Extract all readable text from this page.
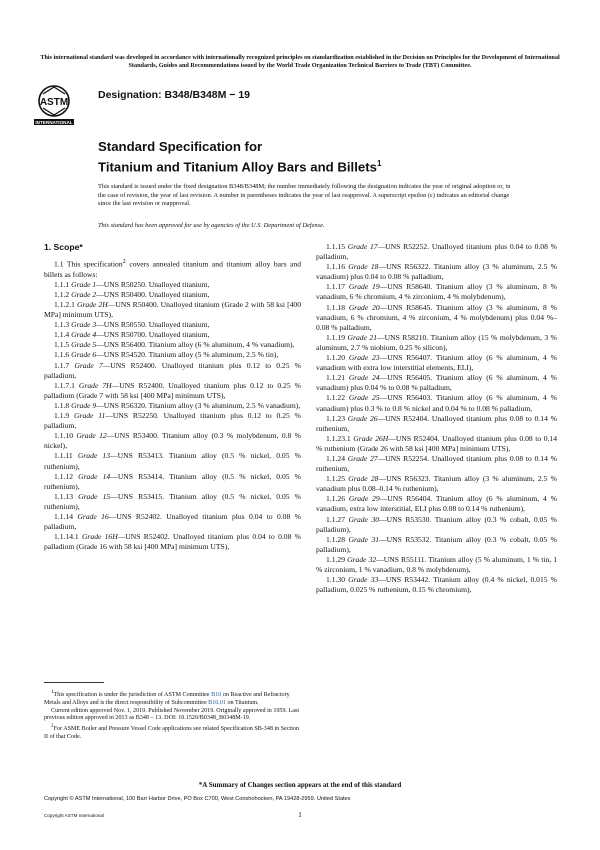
This international standard was developed in accordance with internationally recognized principles on standardization established in the Decision on Principles for the Development of International Standards, Guides and Recommendations issued by the World Trade Organization Technical Barriers to Trade (TBT) Committee.
ASTM
INTERNATIONAL
Designation: B348/B348M − 19
Standard Specification for
Titanium and Titanium Alloy Bars and Billets$^1$
This standard is issued under the fixed designation B348/B348M; the number immediately following the designation indicates the year of original adoption or, in the case of revision, the year of last revision. A number in parentheses indicates the year of last reapproval. A superscript epsilon (ε) indicates an editorial change since the last revision or reapproval.
This standard has been approved for use by agencies of the U.S. Department of Defense.

1. Scope*

1.1 This specification$^2$ covers annealed titanium and titanium alloy bars and billets as follows:

1.1.1 Grade 1—UNS R50250. Unalloyed titanium,

1.1.2 Grade 2—UNS R50400. Unalloyed titanium,

1.1.2.1 Grade 2H—UNS R50400. Unalloyed titanium (Grade 2 with 58 ksi [400 MPa] minimum UTS),

1.1.3 Grade 3—UNS R50550. Unalloyed titanium,

1.1.4 Grade 4—UNS R50700. Unalloyed titanium,

1.1.5 Grade 5—UNS R56400. Titanium alloy (6 % aluminum, 4 % vanadium),

1.1.6 Grade 6—UNS R54520. Titanium alloy (5 % aluminum, 2.5 % tin),

1.1.7 Grade 7—UNS R52400. Unalloyed titanium plus 0.12 to 0.25 % palladium,

1.1.7.1 Grade 7H—UNS R52400. Unalloyed titanium plus 0.12 to 0.25 % palladium (Grade 7 with 58 ksi [400 MPa] minimum UTS),

1.1.8 Grade 9—UNS R56320. Titanium alloy (3 % aluminum, 2.5 % vanadium),

1.1.9 Grade 11—UNS R52250. Unalloyed titanium plus 0.12 to 0.25 % palladium,

1.1.10 Grade 12—UNS R53400. Titanium alloy (0.3 % molybdenum, 0.8 % nickel),

1.1.11 Grade 13—UNS R53413. Titanium alloy (0.5 % nickel, 0.05 % ruthenium),

1.1.12 Grade 14—UNS R53414. Titanium alloy (0.5 % nickel, 0.05 % ruthenium),

1.1.13 Grade 15—UNS R53415. Titanium alloy (0.5 % nickel, 0.05 % ruthenium),

1.1.14 Grade 16—UNS R52402. Unalloyed titanium plus 0.04 to 0.08 % palladium,

1.1.14.1 Grade 16H—UNS R52402. Unalloyed titanium plus 0.04 to 0.08 % palladium (Grade 16 with 58 ksi [400 MPa] minimum UTS),

1.1.15 Grade 17—UNS R52252. Unalloyed titanium plus 0.04 to 0.08 % palladium,

1.1.16 Grade 18—UNS R56322. Titanium alloy (3 % aluminum, 2.5 % vanadium) plus 0.04 to 0.08 % palladium,

1.1.17 Grade 19—UNS R58640. Titanium alloy (3 % aluminum, 8 % vanadium, 6 % chromium, 4 % zirconium, 4 % molybdenum),

1.1.18 Grade 20—UNS R58645. Titanium alloy (3 % aluminum, 8 % vanadium, 6 % chromium, 4 % zirconium, 4 % molybdenum) plus 0.04 %–0.08 % palladium,

1.1.19 Grade 21—UNS R58210. Titanium alloy (15 % molybdenum, 3 % aluminum, 2.7 % niobium, 0.25 % silicon),

1.1.20 Grade 23—UNS R56407. Titanium alloy (6 % aluminum, 4 % vanadium with extra low interstitial elements, ELI),

1.1.21 Grade 24—UNS R56405. Titanium alloy (6 % aluminum, 4 % vanadium) plus 0.04 % to 0.08 % palladium,

1.1.22 Grade 25—UNS R56403. Titanium alloy (6 % aluminum, 4 % vanadium) plus 0.3 % to 0.8 % nickel and 0.04 % to 0.08 % palladium,

1.1.23 Grade 26—UNS R52404. Unalloyed titanium plus 0.08 to 0.14 % ruthenium,

1.1.23.1 Grade 26H—UNS R52404. Unalloyed titanium plus 0.08 to 0.14 % ruthenium (Grade 26 with 58 ksi [400 MPa] minimum UTS),

1.1.24 Grade 27—UNS R52254. Unalloyed titanium plus 0.08 to 0.14 % ruthenium,

1.1.25 Grade 28—UNS R56323. Titanium alloy (3 % aluminum, 2.5 % vanadium plus 0.08–0.14 % ruthenium),

1.1.26 Grade 29—UNS R56404. Titanium alloy (6 % aluminum, 4 % vanadium, extra low interstitial, ELI plus 0.08 to 0.14 % ruthenium),

1.1.27 Grade 30—UNS R53530. Titanium alloy (0.3 % cobalt, 0.05 % palladium),

1.1.28 Grade 31—UNS R53532. Titanium alloy (0.3 % cobalt, 0.05 % palladium),

1.1.29 Grade 32—UNS R55111. Titanium alloy (5 % aluminum, 1 % tin, 1 % zirconium, 1 % vanadium, 0.8 % molybdenum),

1.1.30 Grade 33—UNS R53442. Titanium alloy (0.4 % nickel, 0.015 % palladium, 0.025 % ruthenium, 0.15 % chromium),

$^1$This specification is under the jurisdiction of ASTM Committee B10 on Reactive and Refractory Metals and Alloys and is the direct responsibility of Subcommittee B10.01 on Titanium.

Current edition approved Nov. 1, 2019. Published November 2019. Originally approved in 1959. Last previous edition approved in 2013 as B348 – 13. DOI: 10.1520/B0348_B0348M-19.

$^2$For ASME Boiler and Pressure Vessel Code applications see related Specification SB-348 in Section II of that Code.

*A Summary of Changes section appears at the end of this standard
Copyright © ASTM International, 100 Barr Harbor Drive, PO Box C700, West Conshohocken, PA 19428-2959. United States
Copyright ASTM International	1
